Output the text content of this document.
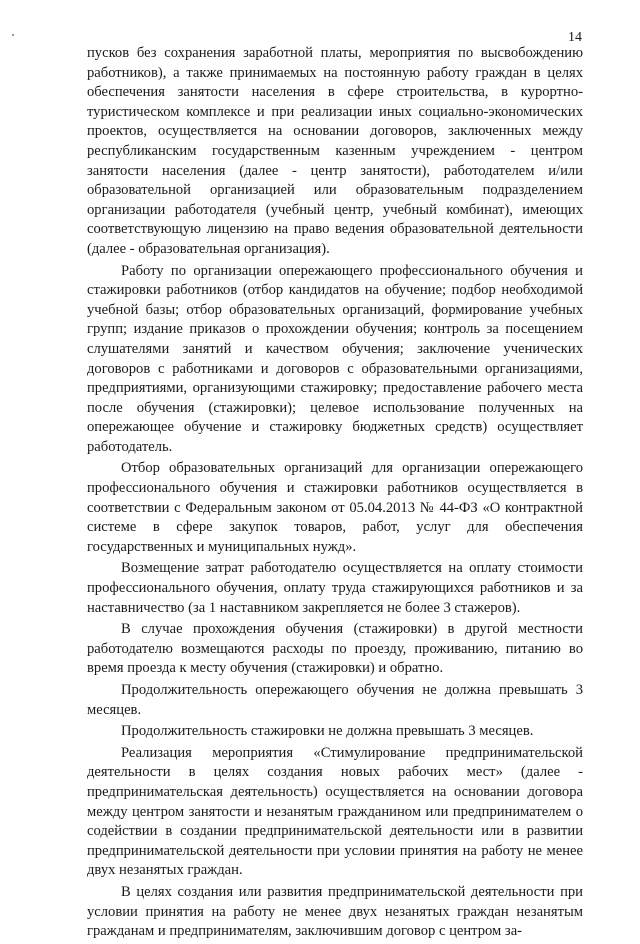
14

пусков без сохранения заработной платы, мероприятия по высвобождению работников), а также принимаемых на постоянную работу граждан в целях обеспечения занятости населения в сфере строительства, в курортно-туристическом комплексе и при реализации иных социально-экономических проектов, осуществляется на основании договоров, заключенных между республиканским государственным казенным учреждением - центром занятости населения (далее - центр занятости), работодателем и/или образовательной организацией или образовательным подразделением организации работодателя (учебный центр, учебный комбинат), имеющих соответствующую лицензию на право ведения образовательной деятельности (далее - образовательная организация).

Работу по организации опережающего профессионального обучения и стажировки работников (отбор кандидатов на обучение; подбор необходимой учебной базы; отбор образовательных организаций, формирование учебных групп; издание приказов о прохождении обучения; контроль за посещением слушателями занятий и качеством обучения; заключение ученических договоров с работниками и договоров с образовательными организациями, предприятиями, организующими стажировку; предоставление рабочего места после обучения (стажировки); целевое использование полученных на опережающее обучение и стажировку бюджетных средств) осуществляет работодатель.

Отбор образовательных организаций для организации опережающего профессионального обучения и стажировки работников осуществляется в соответствии с Федеральным законом от 05.04.2013 № 44-ФЗ «О контрактной системе в сфере закупок товаров, работ, услуг для обеспечения государственных и муниципальных нужд».

Возмещение затрат работодателю осуществляется на оплату стоимости профессионального обучения, оплату труда стажирующихся работников и за наставничество (за 1 наставником закрепляется не более 3 стажеров).

В случае прохождения обучения (стажировки) в другой местности работодателю возмещаются расходы по проезду, проживанию, питанию во время проезда к месту обучения (стажировки) и обратно.

Продолжительность опережающего обучения не должна превышать 3 месяцев.

Продолжительность стажировки не должна превышать 3 месяцев.

Реализация мероприятия «Стимулирование предпринимательской деятельности в целях создания новых рабочих мест» (далее - предпринимательская деятельность) осуществляется на основании договора между центром занятости и незанятым гражданином или предпринимателем о содействии в создании предпринимательской деятельности или в развитии предпринимательской деятельности при условии принятия на работу не менее двух незанятых граждан.

В целях создания или развития предпринимательской деятельности при условии принятия на работу не менее двух незанятых граждан незанятым гражданам и предпринимателям, заключившим договор с центром за-
